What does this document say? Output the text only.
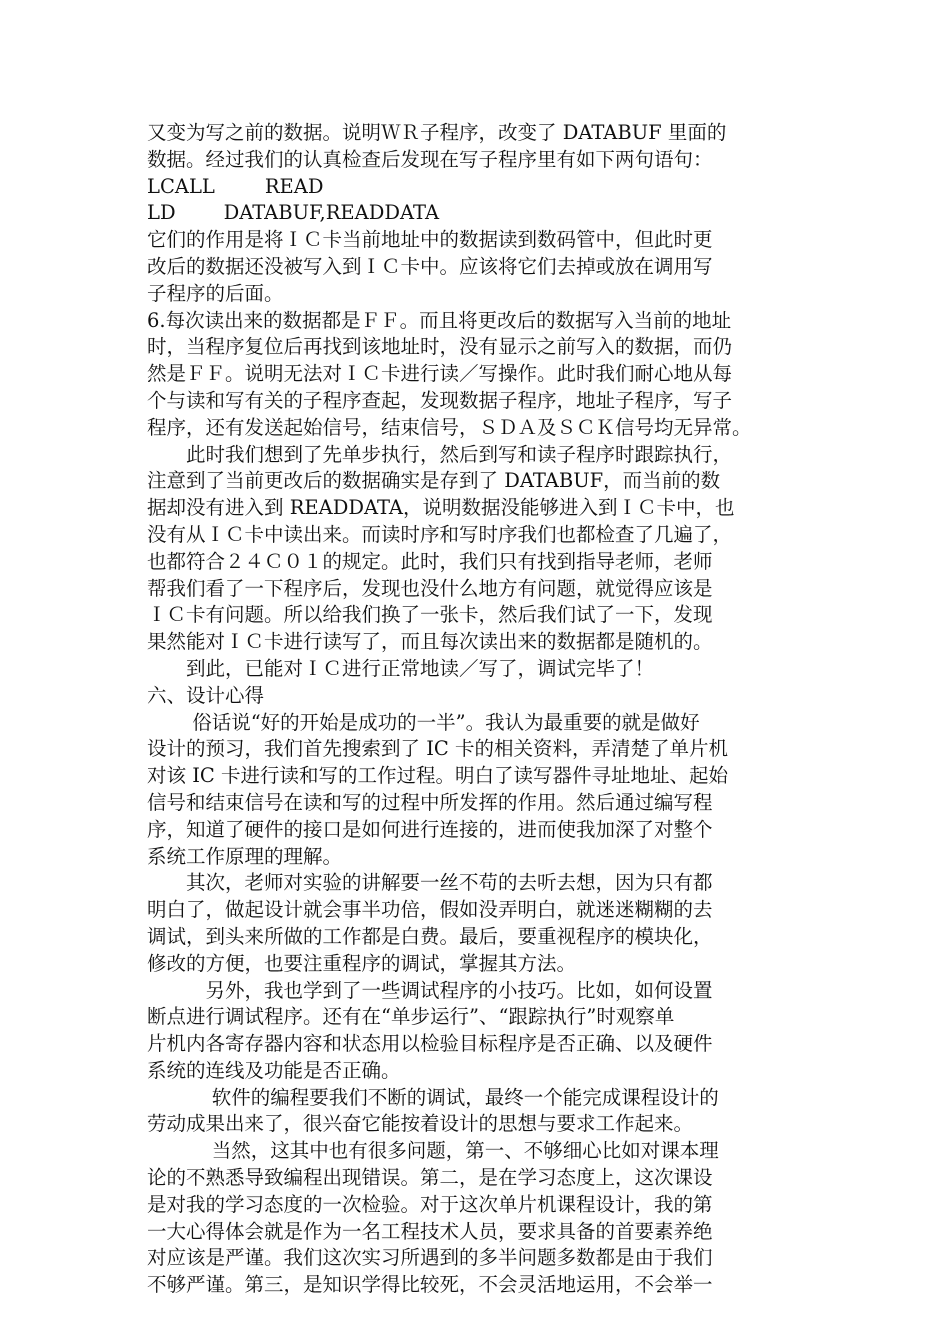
又变为写之前的数据。说明ＷＲ子程序，改变了 DATABUF 里面的
数据。经过我们的认真检查后发现在写子程序里有如下两句语句：
LCALL	READ
LD DATABUF,READDATA
它们的作用是将ＩＣ卡当前地址中的数据读到数码管中，但此时更
改后的数据还没被写入到ＩＣ卡中。应该将它们去掉或放在调用写
子程序的后面。
6.每次读出来的数据都是ＦＦ。而且将更改后的数据写入当前的地址
时，当程序复位后再找到该地址时，没有显示之前写入的数据，而仍
然是ＦＦ。说明无法对ＩＣ卡进行读／写操作。此时我们耐心地从每
个与读和写有关的子程序查起，发现数据子程序，地址子程序，写子
程序，还有发送起始信号，结束信号，ＳＤＡ及ＳＣＫ信号均无异常。
　　此时我们想到了先单步执行，然后到写和读子程序时跟踪执行，
注意到了当前更改后的数据确实是存到了 DATABUF，而当前的数
据却没有进入到 READDATA，说明数据没能够进入到ＩＣ卡中，也
没有从ＩＣ卡中读出来。而读时序和写时序我们也都检查了几遍了，
也都符合２４Ｃ０１的规定。此时，我们只有找到指导老师，老师
帮我们看了一下程序后，发现也没什么地方有问题，就觉得应该是
ＩＣ卡有问题。所以给我们换了一张卡，然后我们试了一下，发现
果然能对ＩＣ卡进行读写了，而且每次读出来的数据都是随机的。
　　到此，已能对ＩＣ进行正常地读／写了，调试完毕了！
六、设计心得
　　 俗话说“好的开始是成功的一半”。我认为最重要的就是做好
设计的预习，我们首先搜索到了 IC 卡的相关资料，弄清楚了单片机
对该 IC 卡进行读和写的工作过程。明白了读写器件寻址地址、起始
信号和结束信号在读和写的过程中所发挥的作用。然后通过编写程
序，知道了硬件的接口是如何进行连接的，进而使我加深了对整个
系统工作原理的理解。
　　其次，老师对实验的讲解要一丝不苟的去听去想，因为只有都
明白了，做起设计就会事半功倍，假如没弄明白，就迷迷糊糊的去
调试，到头来所做的工作都是白费。最后，要重视程序的模块化，
修改的方便，也要注重程序的调试，掌握其方法。
　　　另外，我也学到了一些调试程序的小技巧。比如，如何设置
断点进行调试程序。还有在“单步运行”、“跟踪执行”时观察单
片机内各寄存器内容和状态用以检验目标程序是否正确、以及硬件
系统的连线及功能是否正确。
　　　 软件的编程要我们不断的调试，最终一个能完成课程设计的
劳动成果出来了，很兴奋它能按着设计的思想与要求工作起来。
　　　 当然，这其中也有很多问题，第一、不够细心比如对课本理
论的不熟悉导致编程出现错误。第二，是在学习态度上，这次课设
是对我的学习态度的一次检验。对于这次单片机课程设计，我的第
一大心得体会就是作为一名工程技术人员，要求具备的首要素养绝
对应该是严谨。我们这次实习所遇到的多半问题多数都是由于我们
不够严谨。第三，是知识学得比较死，不会灵活地运用，不会举一
